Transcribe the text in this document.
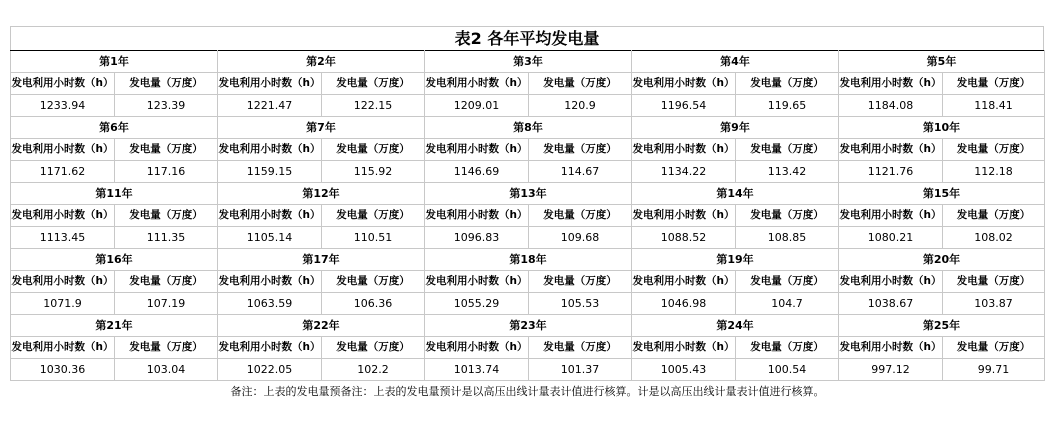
表2 各年平均发电量
第1年		第2年		第3年		第4年		第5年	
发电利用小时数（h）	发电量（万度）	发电利用小时数（h）	发电量（万度）	发电利用小时数（h）	发电量（万度）	发电利用小时数（h）	发电量（万度）	发电利用小时数（h）	发电量（万度）
1233.94	123.39	1221.47	122.15	1209.01	120.9	1196.54	119.65	1184.08	118.41
第6年		第7年		第8年		第9年		第10年	
发电利用小时数（h）	发电量（万度）	发电利用小时数（h）	发电量（万度）	发电利用小时数（h）	发电量（万度）	发电利用小时数（h）	发电量（万度）	发电利用小时数（h）	发电量（万度）
1171.62	117.16	1159.15	115.92	1146.69	114.67	1134.22	113.42	1121.76	112.18
第11年		第12年		第13年		第14年		第15年	
发电利用小时数（h）	发电量（万度）	发电利用小时数（h）	发电量（万度）	发电利用小时数（h）	发电量（万度）	发电利用小时数（h）	发电量（万度）	发电利用小时数（h）	发电量（万度）
1113.45	111.35	1105.14	110.51	1096.83	109.68	1088.52	108.85	1080.21	108.02
第16年		第17年		第18年		第19年		第20年	
发电利用小时数（h）	发电量（万度）	发电利用小时数（h）	发电量（万度）	发电利用小时数（h）	发电量（万度）	发电利用小时数（h）	发电量（万度）	发电利用小时数（h）	发电量（万度）
1071.9	107.19	1063.59	106.36	1055.29	105.53	1046.98	104.7	1038.67	103.87
第21年		第22年		第23年		第24年		第25年	
发电利用小时数（h）	发电量（万度）	发电利用小时数（h）	发电量（万度）	发电利用小时数（h）	发电量（万度）	发电利用小时数（h）	发电量（万度）	发电利用小时数（h）	发电量（万度）
1030.36	103.04	1022.05	102.2	1013.74	101.37	1005.43	100.54	997.12	99.71
备注：上表的发电量预备注：上表的发电量预计是以高压出线计量表计值进行核算。计是以高压出线计量表计值进行核算。									
